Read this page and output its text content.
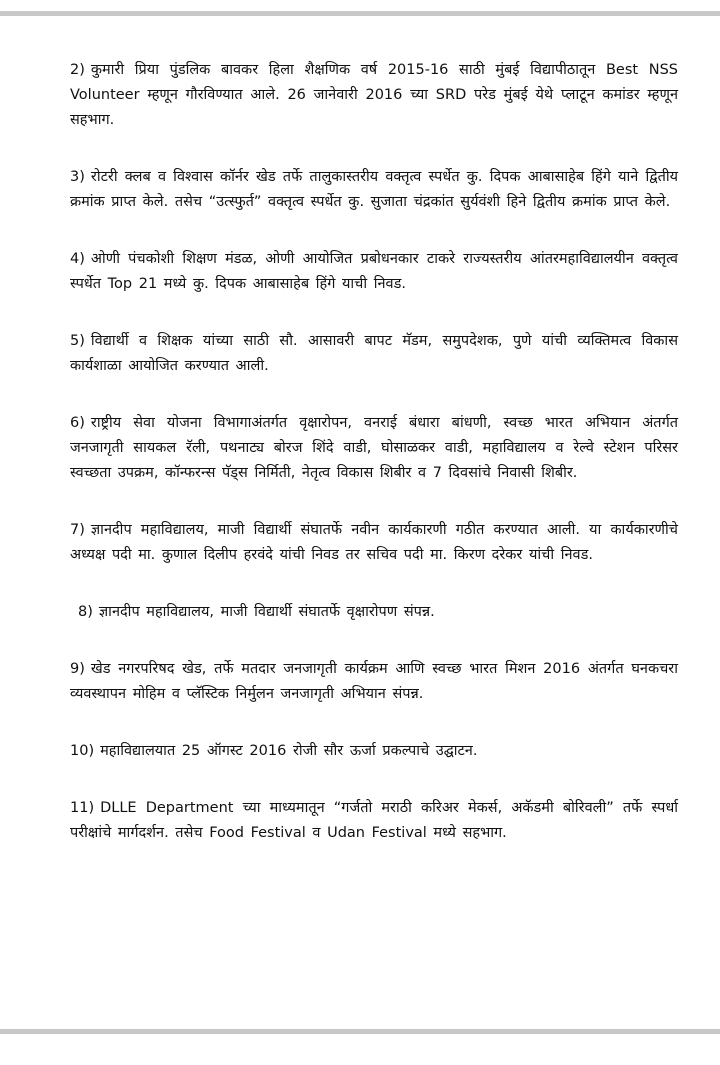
2) कुमारी प्रिया पुंडलिक बावकर हिला शैक्षणिक वर्ष 2015-16 साठी मुंबई विद्यापीठातून Best NSS Volunteer म्हणून गौरविण्यात आले. 26 जानेवारी 2016 च्या SRD परेड मुंबई येथे प्लाटून कमांडर म्हणून सहभाग.

3) रोटरी क्लब व विश्वास कॉर्नर खेड तर्फे तालुकास्तरीय वक्तृत्व स्पर्धेत कु. दिपक आबासाहेब हिंगे याने द्वितीय क्रमांक प्राप्त केले. तसेच “उत्स्फुर्त” वक्तृत्व स्पर्धेत कु. सुजाता चंद्रकांत सुर्यवंशी हिने द्वितीय क्रमांक प्राप्त केले.

4) ओणी पंचकोशी शिक्षण मंडळ, ओणी आयोजित प्रबोधनकार टाकरे राज्यस्तरीय आंतरमहाविद्यालयीन वक्तृत्व स्पर्धेत Top 21 मध्ये कु. दिपक आबासाहेब हिंगे याची निवड.

5) विद्यार्थी व शिक्षक यांच्या साठी सौ. आसावरी बापट मॅडम, समुपदेशक, पुणे यांची व्यक्तिमत्व विकास कार्यशाळा आयोजित करण्यात आली.

6) राष्ट्रीय सेवा योजना विभागाअंतर्गत वृक्षारोपन, वनराई बंधारा बांधणी, स्वच्छ भारत अभियान अंतर्गत जनजागृती सायकल रॅली, पथनाट्य बोरज शिंदे वाडी, घोसाळकर वाडी, महाविद्यालय व रेल्वे स्टेशन परिसर स्वच्छता उपक्रम, कॉन्फरन्स पॅड्स निर्मिती, नेतृत्व विकास शिबीर व 7 दिवसांचे निवासी शिबीर.

7) ज्ञानदीप महाविद्यालय, माजी विद्यार्थी संघातर्फे नवीन कार्यकारणी गठीत करण्यात आली. या कार्यकारणीचे अध्यक्ष पदी मा. कुणाल दिलीप हरवंदे यांची निवड तर सचिव पदी मा. किरण दरेकर यांची निवड.

8) ज्ञानदीप महाविद्यालय, माजी विद्यार्थी संघातर्फे वृक्षारोपण संपन्न.

9) खेड नगरपरिषद खेड, तर्फे मतदार जनजागृती कार्यक्रम आणि स्वच्छ भारत मिशन 2016 अंतर्गत घनकचरा व्यवस्थापन मोहिम व प्लॅस्टिक निर्मुलन जनजागृती अभियान संपन्न.

10) महाविद्यालयात 25 ऑगस्ट 2016 रोजी सौर ऊर्जा प्रकल्पाचे उद्घाटन.

11) DLLE Department च्या माध्यमातून “गर्जतो मराठी करिअर मेकर्स, अकॅडमी बोरिवली” तर्फे स्पर्धा परीक्षांचे मार्गदर्शन. तसेच Food Festival व Udan Festival मध्ये सहभाग.
